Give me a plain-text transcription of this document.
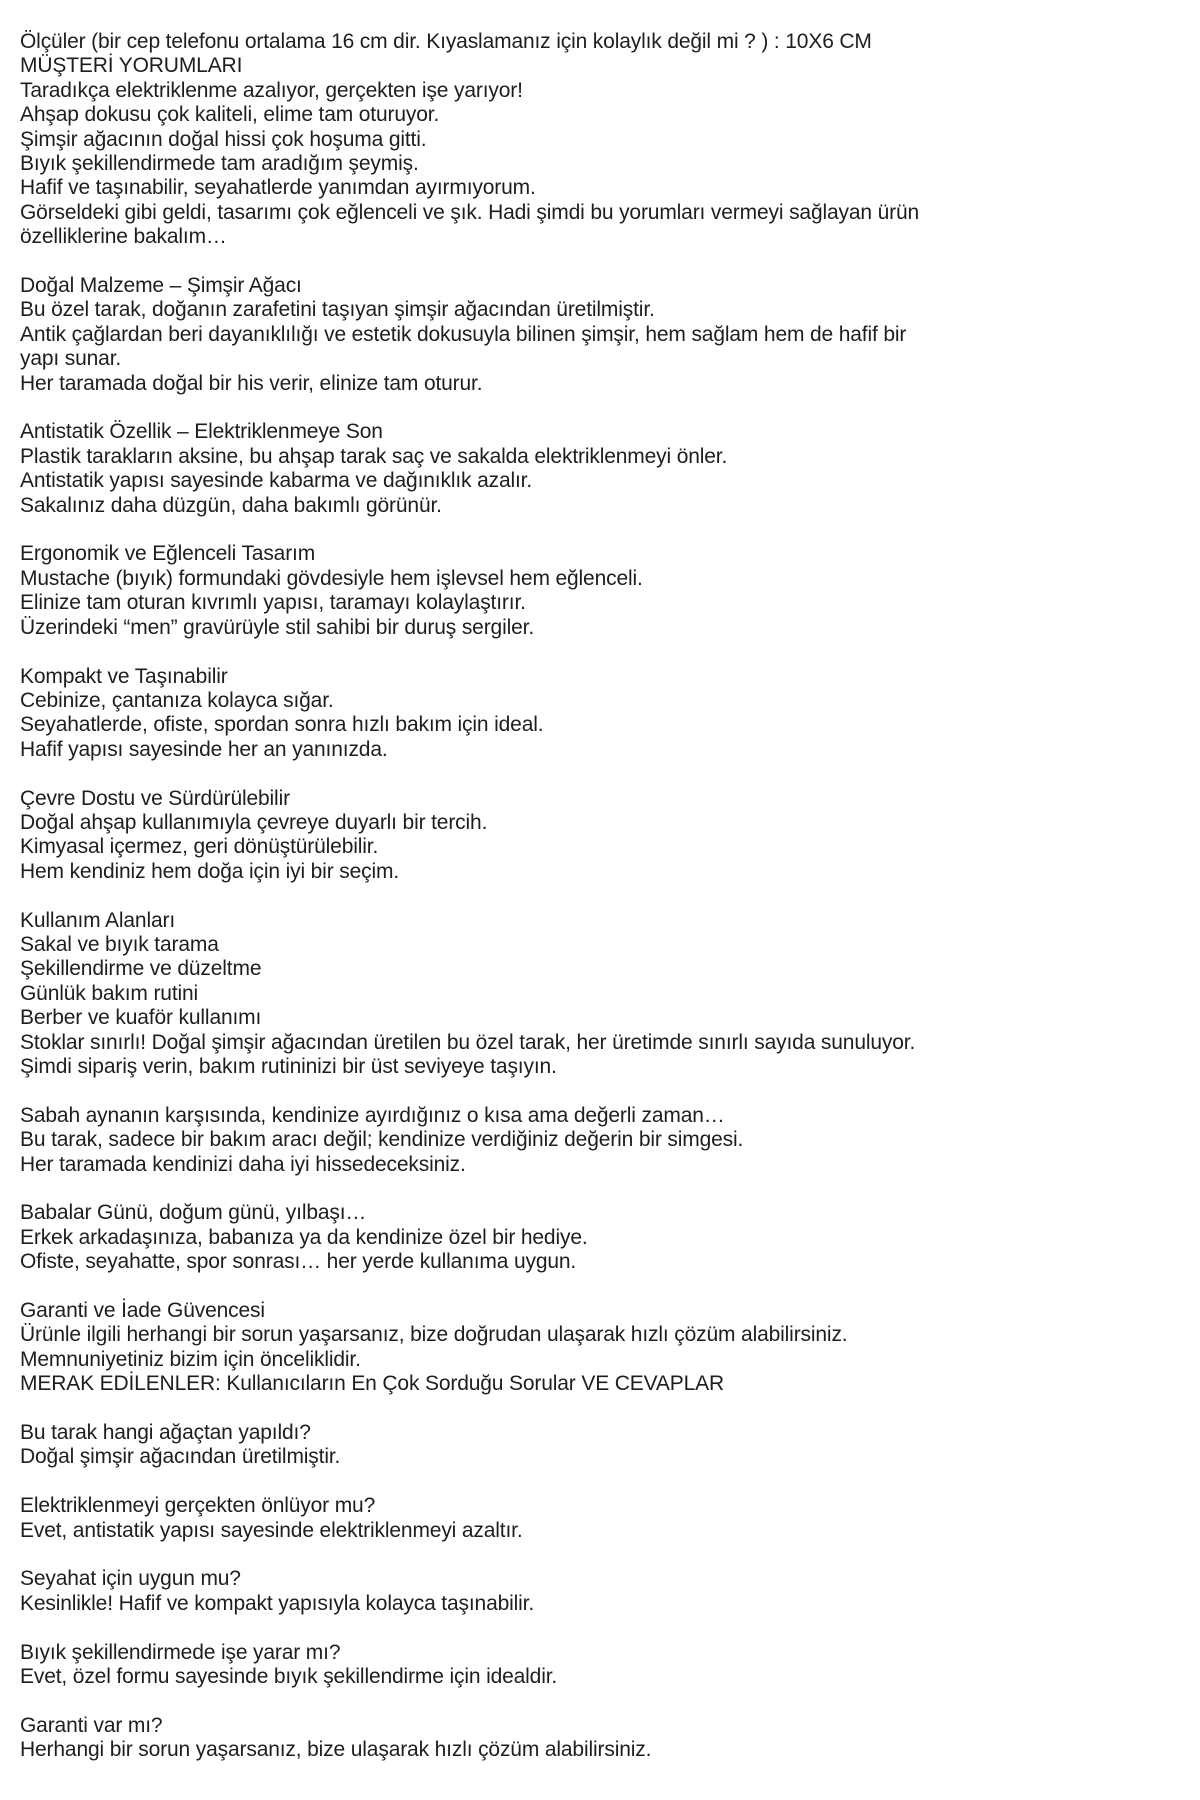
Ölçüler (bir cep telefonu ortalama 16 cm dir. Kıyaslamanız için kolaylık değil mi ? ) : 10X6 CM
MÜŞTERİ YORUMLARI
Taradıkça elektriklenme azalıyor, gerçekten işe yarıyor!
Ahşap dokusu çok kaliteli, elime tam oturuyor.
Şimşir ağacının doğal hissi çok hoşuma gitti.
Bıyık şekillendirmede tam aradığım şeymiş.
Hafif ve taşınabilir, seyahatlerde yanımdan ayırmıyorum.
Görseldeki gibi geldi, tasarımı çok eğlenceli ve şık. Hadi şimdi bu yorumları vermeyi sağlayan ürün
özelliklerine bakalım…
Doğal Malzeme – Şimşir Ağacı
Bu özel tarak, doğanın zarafetini taşıyan şimşir ağacından üretilmiştir.
Antik çağlardan beri dayanıklılığı ve estetik dokusuyla bilinen şimşir, hem sağlam hem de hafif bir
yapı sunar.
Her taramada doğal bir his verir, elinize tam oturur.
Antistatik Özellik – Elektriklenmeye Son
Plastik tarakların aksine, bu ahşap tarak saç ve sakalda elektriklenmeyi önler.
Antistatik yapısı sayesinde kabarma ve dağınıklık azalır.
Sakalınız daha düzgün, daha bakımlı görünür.
Ergonomik ve Eğlenceli Tasarım
Mustache (bıyık) formundaki gövdesiyle hem işlevsel hem eğlenceli.
Elinize tam oturan kıvrımlı yapısı, taramayı kolaylaştırır.
Üzerindeki “men” gravürüyle stil sahibi bir duruş sergiler.
Kompakt ve Taşınabilir
Cebinize, çantanıza kolayca sığar.
Seyahatlerde, ofiste, spordan sonra hızlı bakım için ideal.
Hafif yapısı sayesinde her an yanınızda.
Çevre Dostu ve Sürdürülebilir
Doğal ahşap kullanımıyla çevreye duyarlı bir tercih.
Kimyasal içermez, geri dönüştürülebilir.
Hem kendiniz hem doğa için iyi bir seçim.
Kullanım Alanları
Sakal ve bıyık tarama
Şekillendirme ve düzeltme
Günlük bakım rutini
Berber ve kuaför kullanımı
Stoklar sınırlı! Doğal şimşir ağacından üretilen bu özel tarak, her üretimde sınırlı sayıda sunuluyor.
Şimdi sipariş verin, bakım rutininizi bir üst seviyeye taşıyın.
Sabah aynanın karşısında, kendinize ayırdığınız o kısa ama değerli zaman…
Bu tarak, sadece bir bakım aracı değil; kendinize verdiğiniz değerin bir simgesi.
Her taramada kendinizi daha iyi hissedeceksiniz.
Babalar Günü, doğum günü, yılbaşı…
Erkek arkadaşınıza, babanıza ya da kendinize özel bir hediye.
Ofiste, seyahatte, spor sonrası… her yerde kullanıma uygun.
Garanti ve İade Güvencesi
Ürünle ilgili herhangi bir sorun yaşarsanız, bize doğrudan ulaşarak hızlı çözüm alabilirsiniz.
Memnuniyetiniz bizim için önceliklidir.
MERAK EDİLENLER: Kullanıcıların En Çok Sorduğu Sorular VE CEVAPLAR
Bu tarak hangi ağaçtan yapıldı?
Doğal şimşir ağacından üretilmiştir.
Elektriklenmeyi gerçekten önlüyor mu?
Evet, antistatik yapısı sayesinde elektriklenmeyi azaltır.
Seyahat için uygun mu?
Kesinlikle! Hafif ve kompakt yapısıyla kolayca taşınabilir.
Bıyık şekillendirmede işe yarar mı?
Evet, özel formu sayesinde bıyık şekillendirme için idealdir.
Garanti var mı?
Herhangi bir sorun yaşarsanız, bize ulaşarak hızlı çözüm alabilirsiniz.
